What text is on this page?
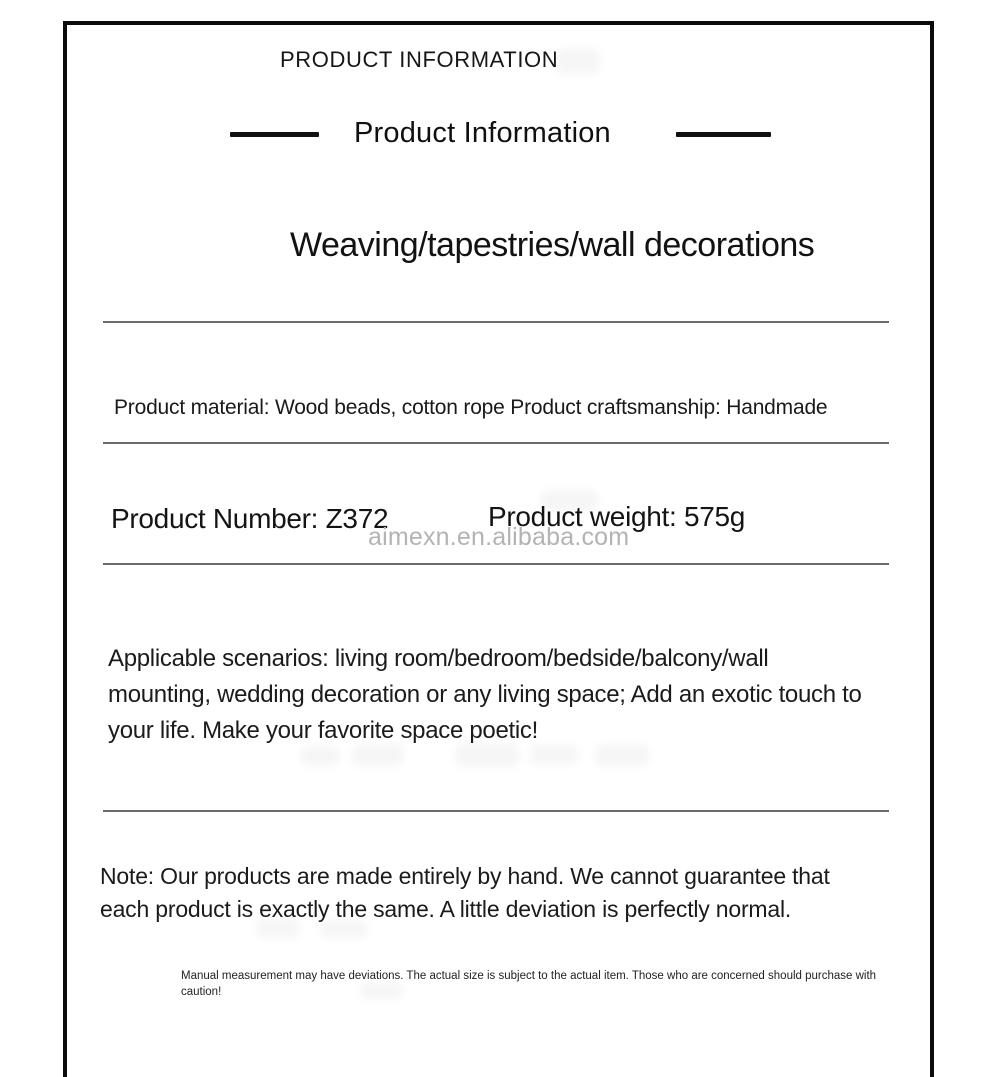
PRODUCT INFORMATION
Product Information
Weaving/tapestries/wall decorations
Product material: Wood beads, cotton rope Product craftsmanship: Handmade
Product Number: Z372	Product weight: 575g
aimexn.en.alibaba.com
Applicable scenarios: living room/bedroom/bedside/balcony/wall mounting, wedding decoration or any living space; Add an exotic touch to your life. Make your favorite space poetic!
Note: Our products are made entirely by hand. We cannot guarantee that each product is exactly the same. A little deviation is perfectly normal.
Manual measurement may have deviations. The actual size is subject to the actual item. Those who are concerned should purchase with caution!
